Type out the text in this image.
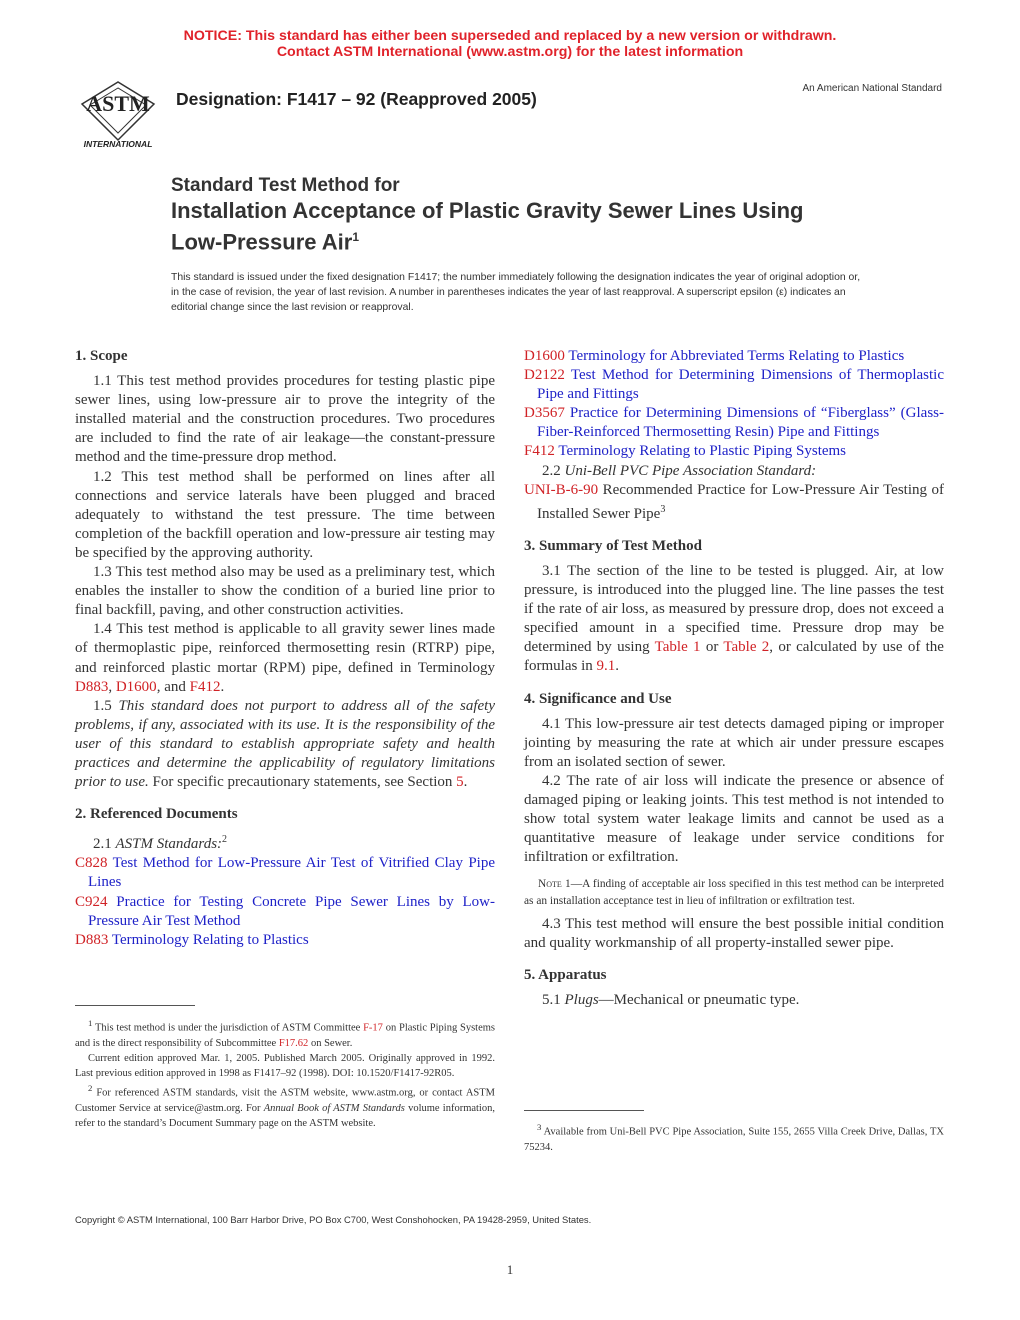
NOTICE: This standard has either been superseded and replaced by a new version or withdrawn.
Contact ASTM International (www.astm.org) for the latest information
ASTM
INTERNATIONAL
Designation: F1417 – 92 (Reapproved 2005)
An American National Standard
Standard Test Method for
Installation Acceptance of Plastic Gravity Sewer Lines Using
Low-Pressure Air$^1$
This standard is issued under the fixed designation F1417; the number immediately following the designation indicates the year of original adoption or, in the case of revision, the year of last revision. A number in parentheses indicates the year of last reapproval. A superscript epsilon (ε) indicates an editorial change since the last revision or reapproval.

1. Scope

1.1 This test method provides procedures for testing plastic pipe sewer lines, using low-pressure air to prove the integrity of the installed material and the construction procedures. Two procedures are included to find the rate of air leakage—the constant-pressure method and the time-pressure drop method.

1.2 This test method shall be performed on lines after all connections and service laterals have been plugged and braced adequately to withstand the test pressure. The time between completion of the backfill operation and low-pressure air testing may be specified by the approving authority.

1.3 This test method also may be used as a preliminary test, which enables the installer to show the condition of a buried line prior to final backfill, paving, and other construction activities.

1.4 This test method is applicable to all gravity sewer lines made of thermoplastic pipe, reinforced thermosetting resin (RTRP) pipe, and reinforced plastic mortar (RPM) pipe, defined in Terminology D883, D1600, and F412.

1.5 This standard does not purport to address all of the safety problems, if any, associated with its use. It is the responsibility of the user of this standard to establish appropriate safety and health practices and determine the applicability of regulatory limitations prior to use. For specific precautionary statements, see Section 5.

2. Referenced Documents

2.1 ASTM Standards:$^2$

C828 Test Method for Low-Pressure Air Test of Vitrified Clay Pipe Lines

C924 Practice for Testing Concrete Pipe Sewer Lines by Low-Pressure Air Test Method

D883 Terminology Relating to Plastics

$^1$ This test method is under the jurisdiction of ASTM Committee F-17 on Plastic Piping Systems and is the direct responsibility of Subcommittee F17.62 on Sewer.

Current edition approved Mar. 1, 2005. Published March 2005. Originally approved in 1992. Last previous edition approved in 1998 as F1417–92 (1998). DOI: 10.1520/F1417-92R05.

$^2$ For referenced ASTM standards, visit the ASTM website, www.astm.org, or contact ASTM Customer Service at service@astm.org. For Annual Book of ASTM Standards volume information, refer to the standard’s Document Summary page on the ASTM website.

D1600 Terminology for Abbreviated Terms Relating to Plastics

D2122 Test Method for Determining Dimensions of Thermoplastic Pipe and Fittings

D3567 Practice for Determining Dimensions of “Fiberglass” (Glass-Fiber-Reinforced Thermosetting Resin) Pipe and Fittings

F412 Terminology Relating to Plastic Piping Systems

2.2 Uni-Bell PVC Pipe Association Standard:

UNI-B-6-90 Recommended Practice for Low-Pressure Air Testing of Installed Sewer Pipe$^3$

3. Summary of Test Method

3.1 The section of the line to be tested is plugged. Air, at low pressure, is introduced into the plugged line. The line passes the test if the rate of air loss, as measured by pressure drop, does not exceed a specified amount in a specified time. Pressure drop may be determined by using Table 1 or Table 2, or calculated by use of the formulas in 9.1.

4. Significance and Use

4.1 This low-pressure air test detects damaged piping or improper jointing by measuring the rate at which air under pressure escapes from an isolated section of sewer.

4.2 The rate of air loss will indicate the presence or absence of damaged piping or leaking joints. This test method is not intended to show total system water leakage limits and cannot be used as a quantitative measure of leakage under service conditions for infiltration or exfiltration.

Note 1—A finding of acceptable air loss specified in this test method can be interpreted as an installation acceptance test in lieu of infiltration or exfiltration test.

4.3 This test method will ensure the best possible initial condition and quality workmanship of all property-installed sewer pipe.

5. Apparatus

5.1 Plugs—Mechanical or pneumatic type.

$^3$ Available from Uni-Bell PVC Pipe Association, Suite 155, 2655 Villa Creek Drive, Dallas, TX 75234.

Copyright © ASTM International, 100 Barr Harbor Drive, PO Box C700, West Conshohocken, PA 19428-2959, United States.
1
